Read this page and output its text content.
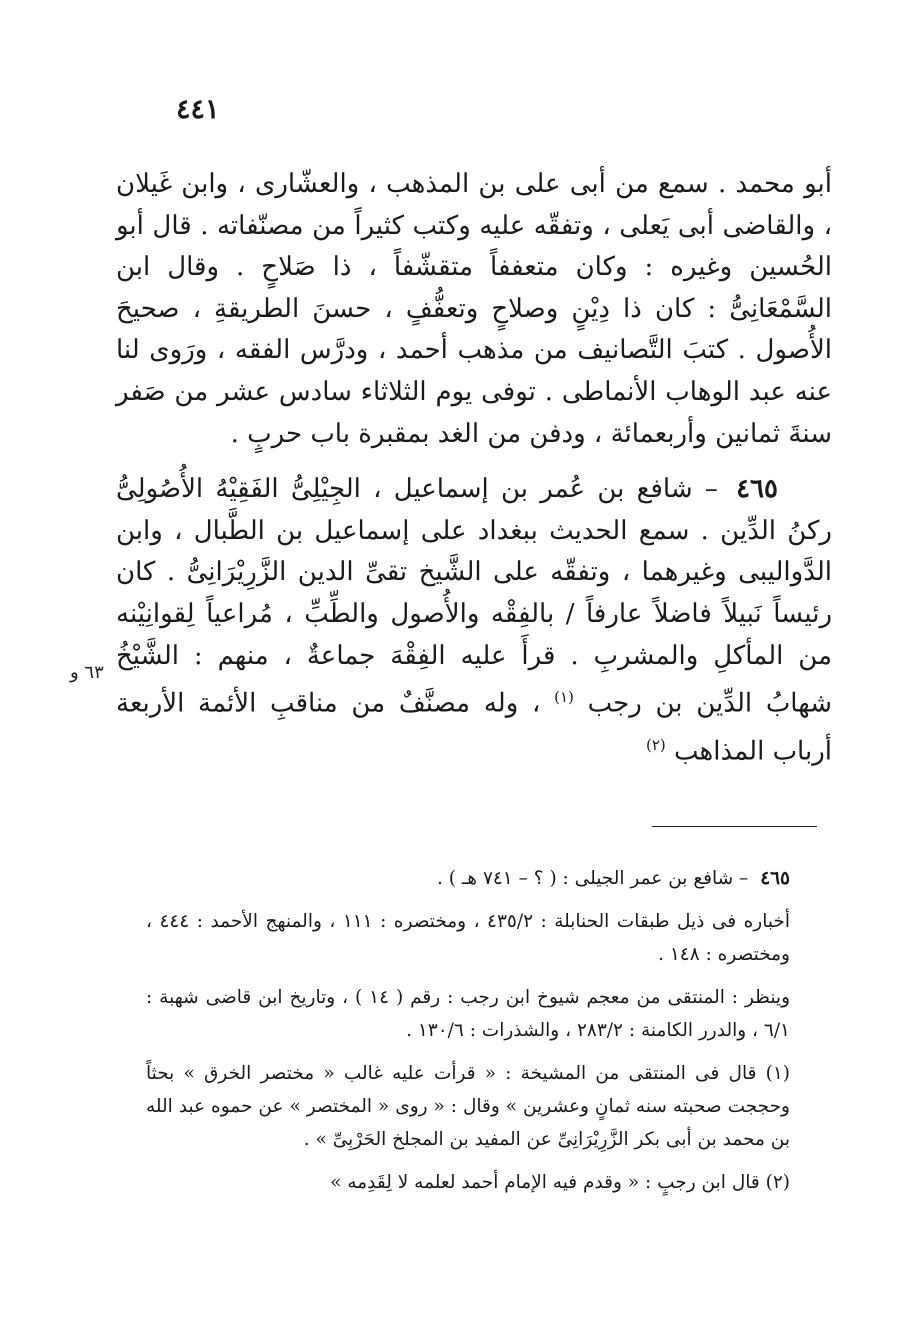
٤٤١

أبو محمد . سمع من أبى على بن المذهب ، والعشّارى ، وابن غَيلان ، والقاضى أبى يَعلى ، وتفقّه عليه وكتب كثيراً من مصنّفاته . قال أبو الحُسين وغيره : وكان متعففاً متقشّفاً ، ذا صَلاحٍ . وقال ابن السَّمْعَانِىُّ : كان ذا دِيْنٍ وصلاحٍ وتعفُّفٍ ، حسنَ الطريقةِ ، صحيحَ الأُصول . كتبَ التَّصانيف من مذهب أحمد ، ودرَّس الفقه ، ورَوى لنا عنه عبد الوهاب الأنماطى . توفى يوم الثلاثاء سادس عشر من صَفر سنةَ ثمانين وأربعمائة ، ودفن من الغد بمقبرة باب حربٍ .

٤٦٥ – شافع بن عُمر بن إسماعيل ، الجِيْلِىُّ الفَقِيْهُ الأُصُولِىُّ ركنُ الدِّين . سمع الحديث ببغداد على إسماعيل بن الطَّبال ، وابن الدَّواليبى وغيرهما ، وتفقّه على الشَّيخ تقىِّ الدين الزَّرِيْرَانِىُّ . كان رئيساً نَبيلاً فاضلاً عارفاً / بالفِقْه والأُصول والطِّبِّ ، مُراعياً لِقوانِيْنه من المأكلِ والمشربِ . قرأَ عليه الفِقْهَ جماعةٌ ، منهم : الشَّيْخُ شهابُ الدِّين بن رجب $^{(١)}$ ، وله مصنَّفٌ من مناقبِ الأئمة الأربعة أرباب المذاهب $^{(٢)}$

٦٣ و

٤٦٥ – شافع بن عمر الجيلى : ( ؟ – ٧٤١ هـ ) .

أخباره فى ذيل طبقات الحنابلة : ٤٣٥/٢ ، ومختصره : ١١١ ، والمنهج الأحمد : ٤٤٤ ، ومختصره : ١٤٨ .

وينظر : المنتقى من معجم شيوخ ابن رجب : رقم ( ١٤ ) ، وتاريخ ابن قاضى شهبة : ٦/١ ، والدرر الكامنة : ٢٨٣/٢ ، والشذرات : ١٣٠/٦ .

(١) قال فى المنتقى من المشيخة : « قرأت عليه غالب « مختصر الخرق » بحثاً وحججت صحبته سنه ثمانٍ وعشرين » وقال : « روى « المختصر » عن حموه عبد الله بن محمد بن أبى بكر الزَّرِيْرَانِىِّ عن المفيد بن المجلخ الحَرْبِىِّ » .

(٢) قال ابن رجبٍ : « وقدم فيه الإمام أحمد لعلمه لا لِقَدِمه »
